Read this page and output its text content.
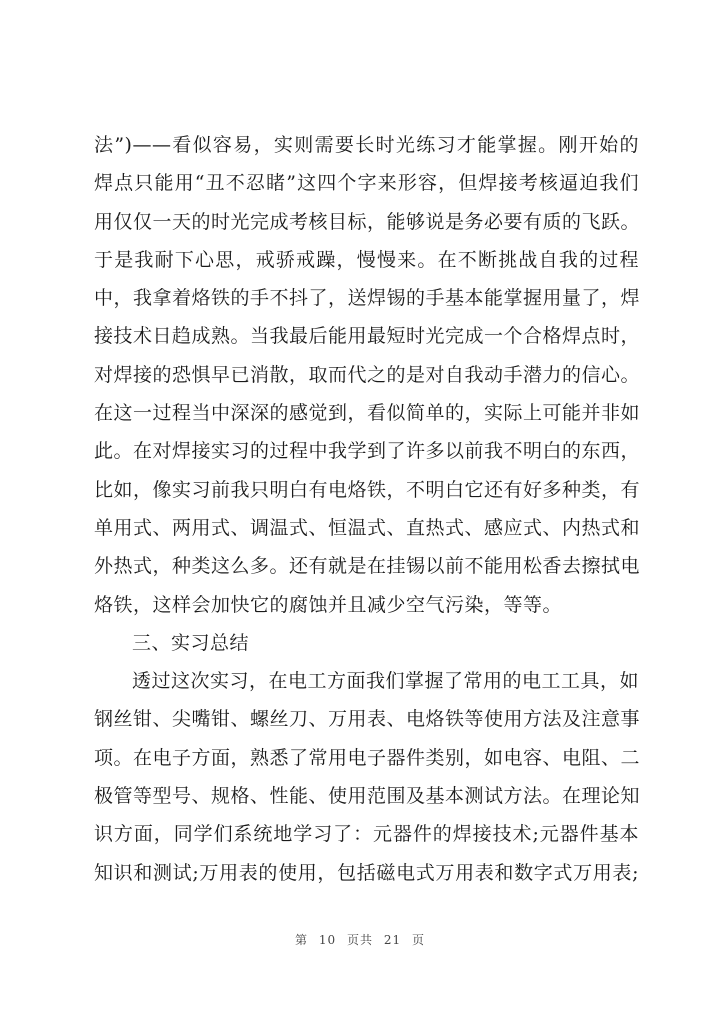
法”)——看似容易，实则需要长时光练习才能掌握。刚开始的
焊点只能用“丑不忍睹”这四个字来形容，但焊接考核逼迫我们
用仅仅一天的时光完成考核目标，能够说是务必要有质的飞跃。
于是我耐下心思，戒骄戒躁，慢慢来。在不断挑战自我的过程
中，我拿着烙铁的手不抖了，送焊锡的手基本能掌握用量了，焊
接技术日趋成熟。当我最后能用最短时光完成一个合格焊点时，
对焊接的恐惧早已消散，取而代之的是对自我动手潜力的信心。
在这一过程当中深深的感觉到，看似简单的，实际上可能并非如
此。在对焊接实习的过程中我学到了许多以前我不明白的东西，
比如，像实习前我只明白有电烙铁，不明白它还有好多种类，有
单用式、两用式、调温式、恒温式、直热式、感应式、内热式和
外热式，种类这么多。还有就是在挂锡以前不能用松香去擦拭电
烙铁，这样会加快它的腐蚀并且减少空气污染，等等。
三、实习总结
透过这次实习，在电工方面我们掌握了常用的电工工具，如
钢丝钳、尖嘴钳、螺丝刀、万用表、电烙铁等使用方法及注意事
项。在电子方面，熟悉了常用电子器件类别，如电容、电阻、二
极管等型号、规格、性能、使用范围及基本测试方法。在理论知
识方面，同学们系统地学习了：元器件的焊接技术;元器件基本
知识和测试;万用表的使用，包括磁电式万用表和数字式万用表;
第 10 页共 21 页
